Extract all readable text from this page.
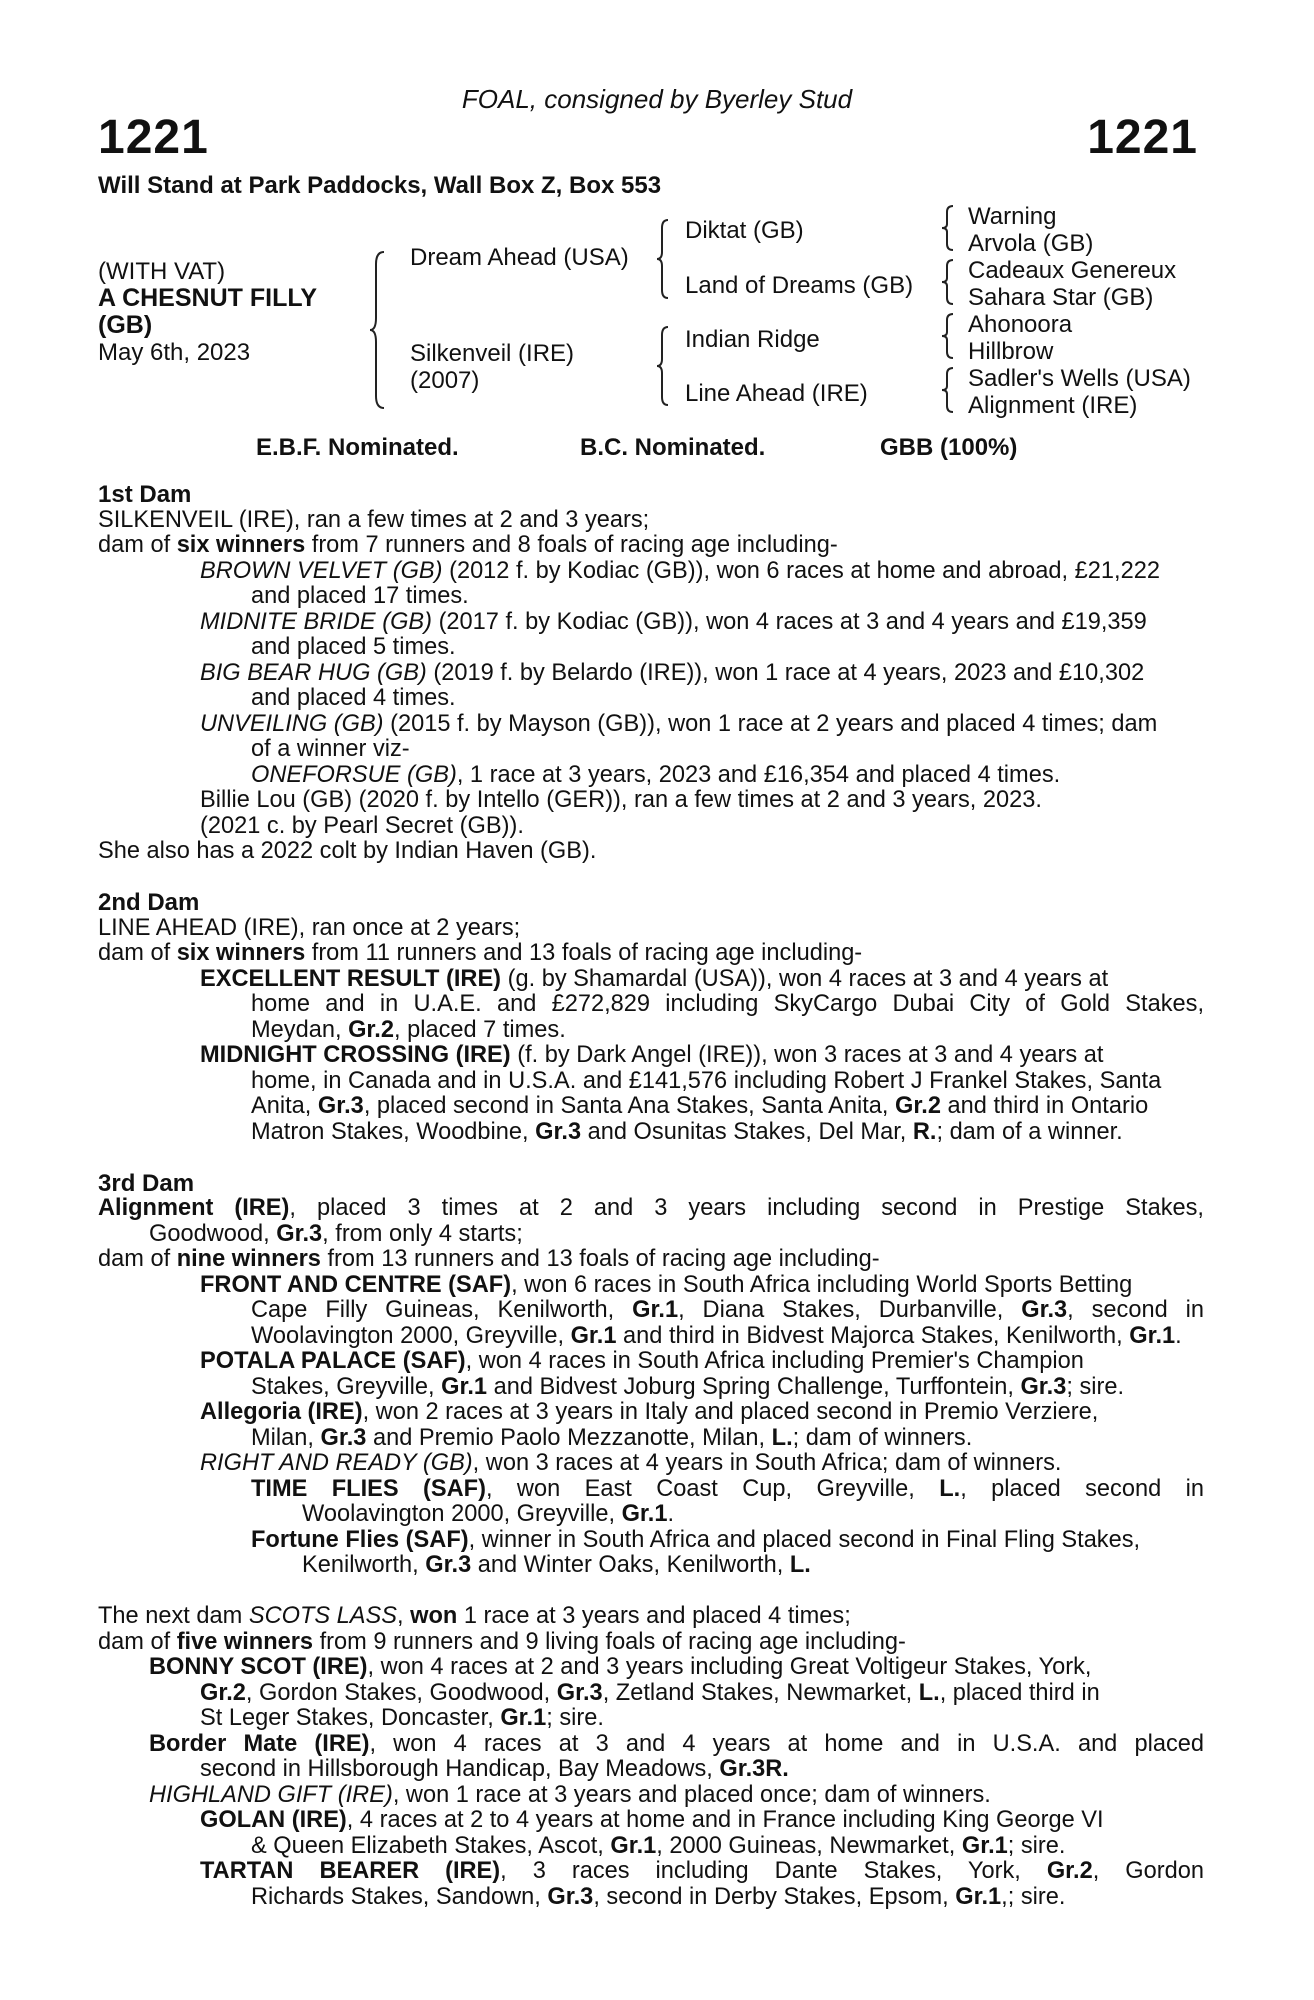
FOAL, consigned by Byerley Stud
1221	1221
Will Stand at Park Paddocks, Wall Box Z, Box 553
(WITH VAT)
A CHESNUT FILLY
(GB)
May 6th, 2023
Dream Ahead (USA)
Silkenveil (IRE)
(2007)
Diktat (GB)
Land of Dreams (GB)
Indian Ridge
Line Ahead (IRE)
Warning
Arvola (GB)
Cadeaux Genereux
Sahara Star (GB)
Ahonoora
Hillbrow
Sadler's Wells (USA)
Alignment (IRE)
E.B.F. Nominated.	B.C. Nominated.	GBB (100%)
1st Dam
SILKENVEIL (IRE), ran a few times at 2 and 3 years;
dam of six winners from 7 runners and 8 foals of racing age including-
BROWN VELVET (GB) (2012 f. by Kodiac (GB)), won 6 races at home and abroad, £21,222
and placed 17 times.
MIDNITE BRIDE (GB) (2017 f. by Kodiac (GB)), won 4 races at 3 and 4 years and £19,359
and placed 5 times.
BIG BEAR HUG (GB) (2019 f. by Belardo (IRE)), won 1 race at 4 years, 2023 and £10,302
and placed 4 times.
UNVEILING (GB) (2015 f. by Mayson (GB)), won 1 race at 2 years and placed 4 times; dam
of a winner viz-
ONEFORSUE (GB), 1 race at 3 years, 2023 and £16,354 and placed 4 times.
Billie Lou (GB) (2020 f. by Intello (GER)), ran a few times at 2 and 3 years, 2023.
(2021 c. by Pearl Secret (GB)).
She also has a 2022 colt by Indian Haven (GB).
2nd Dam
LINE AHEAD (IRE), ran once at 2 years;
dam of six winners from 11 runners and 13 foals of racing age including-
EXCELLENT RESULT (IRE) (g. by Shamardal (USA)), won 4 races at 3 and 4 years at
home and in U.A.E. and £272,829 including SkyCargo Dubai City of Gold Stakes,
Meydan, Gr.2, placed 7 times.
MIDNIGHT CROSSING (IRE) (f. by Dark Angel (IRE)), won 3 races at 3 and 4 years at
home, in Canada and in U.S.A. and £141,576 including Robert J Frankel Stakes, Santa
Anita, Gr.3, placed second in Santa Ana Stakes, Santa Anita, Gr.2 and third in Ontario
Matron Stakes, Woodbine, Gr.3 and Osunitas Stakes, Del Mar, R.; dam of a winner.
3rd Dam
Alignment (IRE), placed 3 times at 2 and 3 years including second in Prestige Stakes,
Goodwood, Gr.3, from only 4 starts;
dam of nine winners from 13 runners and 13 foals of racing age including-
FRONT AND CENTRE (SAF), won 6 races in South Africa including World Sports Betting
Cape Filly Guineas, Kenilworth, Gr.1, Diana Stakes, Durbanville, Gr.3, second in
Woolavington 2000, Greyville, Gr.1 and third in Bidvest Majorca Stakes, Kenilworth, Gr.1.
POTALA PALACE (SAF), won 4 races in South Africa including Premier's Champion
Stakes, Greyville, Gr.1 and Bidvest Joburg Spring Challenge, Turffontein, Gr.3; sire.
Allegoria (IRE), won 2 races at 3 years in Italy and placed second in Premio Verziere,
Milan, Gr.3 and Premio Paolo Mezzanotte, Milan, L.; dam of winners.
RIGHT AND READY (GB), won 3 races at 4 years in South Africa; dam of winners.
TIME FLIES (SAF), won East Coast Cup, Greyville, L., placed second in
Woolavington 2000, Greyville, Gr.1.
Fortune Flies (SAF), winner in South Africa and placed second in Final Fling Stakes,
Kenilworth, Gr.3 and Winter Oaks, Kenilworth, L.
The next dam SCOTS LASS, won 1 race at 3 years and placed 4 times;
dam of five winners from 9 runners and 9 living foals of racing age including-
BONNY SCOT (IRE), won 4 races at 2 and 3 years including Great Voltigeur Stakes, York,
Gr.2, Gordon Stakes, Goodwood, Gr.3, Zetland Stakes, Newmarket, L., placed third in
St Leger Stakes, Doncaster, Gr.1; sire.
Border Mate (IRE), won 4 races at 3 and 4 years at home and in U.S.A. and placed
second in Hillsborough Handicap, Bay Meadows, Gr.3R.
HIGHLAND GIFT (IRE), won 1 race at 3 years and placed once; dam of winners.
GOLAN (IRE), 4 races at 2 to 4 years at home and in France including King George VI
& Queen Elizabeth Stakes, Ascot, Gr.1, 2000 Guineas, Newmarket, Gr.1; sire.
TARTAN BEARER (IRE), 3 races including Dante Stakes, York, Gr.2, Gordon
Richards Stakes, Sandown, Gr.3, second in Derby Stakes, Epsom, Gr.1,; sire.
